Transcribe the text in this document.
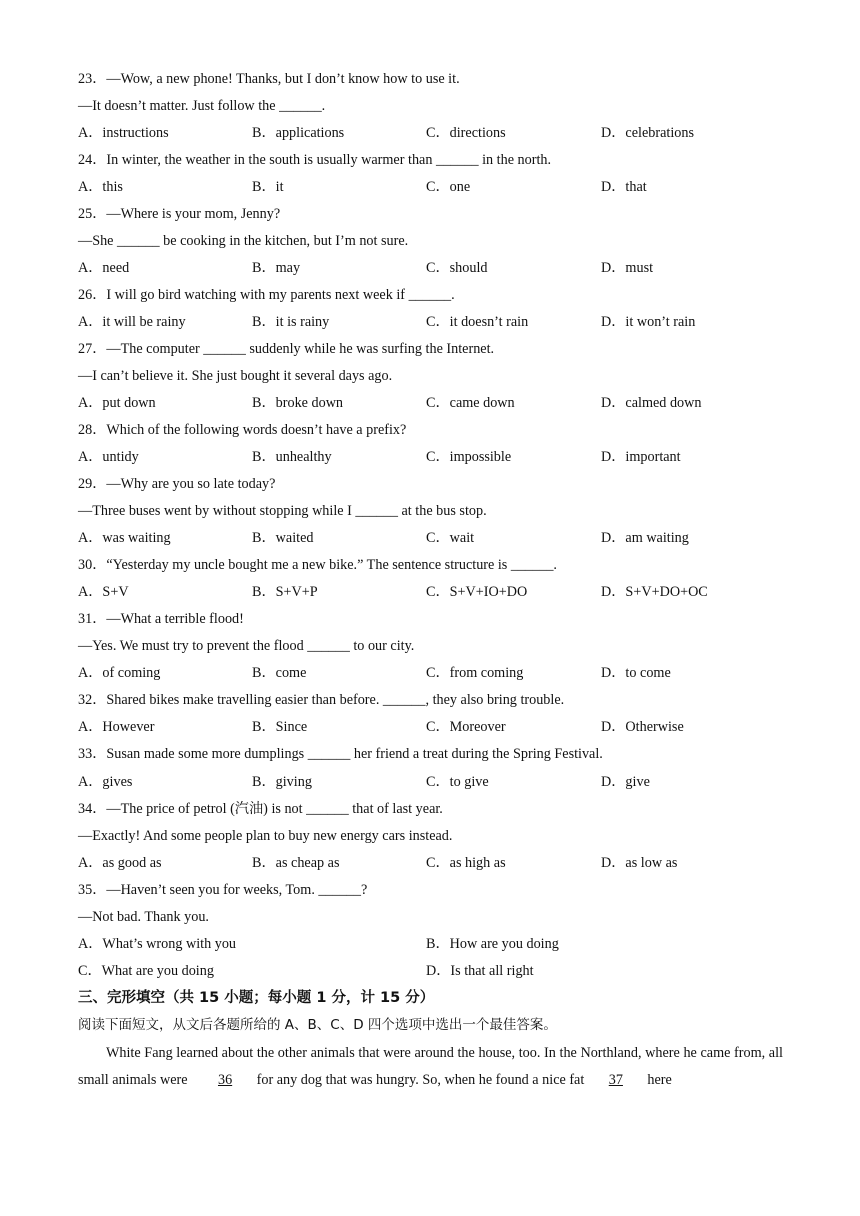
23．—Wow, a new phone! Thanks, but I don’t know how to use it.
—It doesn’t matter. Just follow the ______.
A．instructions	B．applications	C．directions	D．celebrations
24．In winter, the weather in the south is usually warmer than ______ in the north.
A．this	B．it	C．one	D．that
25．—Where is your mom, Jenny?
—She ______ be cooking in the kitchen, but I’m not sure.
A．need	B．may	C．should	D．must
26．I will go bird watching with my parents next week if ______.
A．it will be rainy	B．it is rainy	C．it doesn’t rain	D．it won’t rain
27．—The computer ______ suddenly while he was surfing the Internet.
—I can’t believe it. She just bought it several days ago.
A．put down	B．broke down	C．came down	D．calmed down
28．Which of the following words doesn’t have a prefix?
A．untidy	B．unhealthy	C．impossible	D．important
29．—Why are you so late today?
—Three buses went by without stopping while I ______ at the bus stop.
A．was waiting	B．waited	C．wait	D．am waiting
30．“Yesterday my uncle bought me a new bike.” The sentence structure is ______.
A．S+V	B．S+V+P	C．S+V+IO+DO	D．S+V+DO+OC
31．—What a terrible flood!
—Yes. We must try to prevent the flood ______ to our city.
A．of coming	B．come	C．from coming	D．to come
32．Shared bikes make travelling easier than before. ______, they also bring trouble.
A．However	B．Since	C．Moreover	D．Otherwise
33．Susan made some more dumplings ______ her friend a treat during the Spring Festival.
A．gives	B．giving	C．to give	D．give
34．—The price of petrol (汽油) is not ______ that of last year.
—Exactly! And some people plan to buy new energy cars instead.
A．as good as	B．as cheap as	C．as high as	D．as low as
35．—Haven’t seen you for weeks, Tom. ______?
—Not bad. Thank you.
A．What’s wrong with you	B．How are you doing
C．What are you doing	D．Is that all right
三、完形填空（共 15 小题；每小题 1 分，计 15 分）
阅读下面短文，从文后各题所给的 A、B、C、D 四个选项中选出一个最佳答案。
White Fang learned about the other animals that were around the house, too. In the Northland, where he came from, all small animals were 36 for any dog that was hungry. So, when he found a nice fat 37 here
